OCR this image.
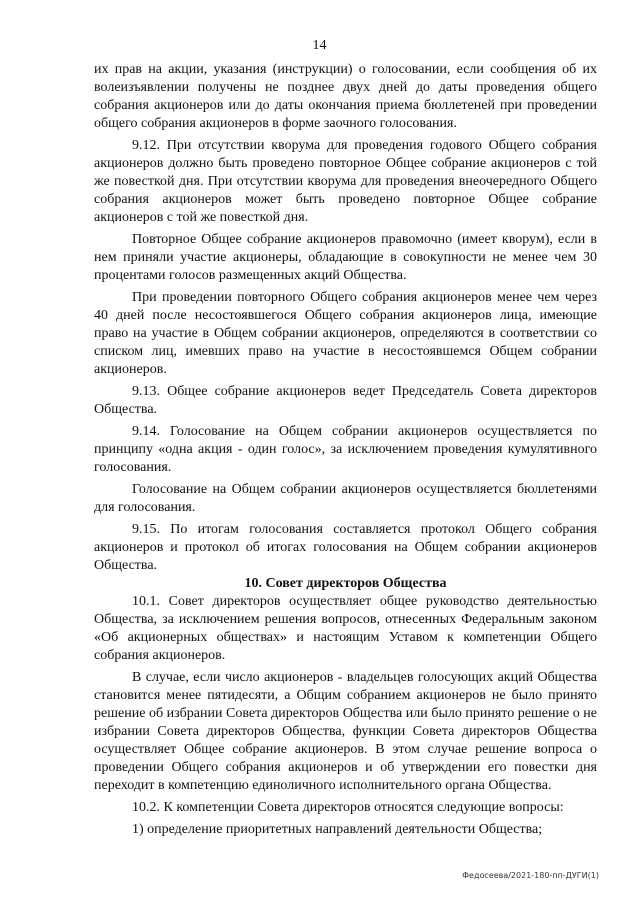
14

их прав на акции, указания (инструкции) о голосовании, если сообщения об их волеизъявлении получены не позднее двух дней до даты проведения общего собрания акционеров или до даты окончания приема бюллетеней при проведении общего собрания акционеров в форме заочного голосования.

9.12. При отсутствии кворума для проведения годового Общего собрания акционеров должно быть проведено повторное Общее собрание акционеров с той же повесткой дня. При отсутствии кворума для проведения внеочередного Общего собрания акционеров может быть проведено повторное Общее собрание акционеров с той же повесткой дня.

Повторное Общее собрание акционеров правомочно (имеет кворум), если в нем приняли участие акционеры, обладающие в совокупности не менее чем 30 процентами голосов размещенных акций Общества.

При проведении повторного Общего собрания акционеров менее чем через 40 дней после несостоявшегося Общего собрания акционеров лица, имеющие право на участие в Общем собрании акционеров, определяются в соответствии со списком лиц, имевших право на участие в несостоявшемся Общем собрании акционеров.

9.13. Общее собрание акционеров ведет Председатель Совета директоров Общества.

9.14. Голосование на Общем собрании акционеров осуществляется по принципу «одна акция - один голос», за исключением проведения кумулятивного голосования.

Голосование на Общем собрании акционеров осуществляется бюллетенями для голосования.

9.15. По итогам голосования составляется протокол Общего собрания акционеров и протокол об итогах голосования на Общем собрании акционеров Общества.

10. Совет директоров Общества

10.1. Совет директоров осуществляет общее руководство деятельностью Общества, за исключением решения вопросов, отнесенных Федеральным законом «Об акционерных обществах» и настоящим Уставом к компетенции Общего собрания акционеров.

В случае, если число акционеров - владельцев голосующих акций Общества становится менее пятидесяти, а Общим собранием акционеров не было принято решение об избрании Совета директоров Общества или было принято решение о не избрании Совета директоров Общества, функции Совета директоров Общества осуществляет Общее собрание акционеров. В этом случае решение вопроса о проведении Общего собрания акционеров и об утверждении его повестки дня переходит в компетенцию единоличного исполнительного органа Общества.

10.2. К компетенции Совета директоров относятся следующие вопросы:

1) определение приоритетных направлений деятельности Общества;

Федосеева/2021-180-пп-ДУГИ(1)
